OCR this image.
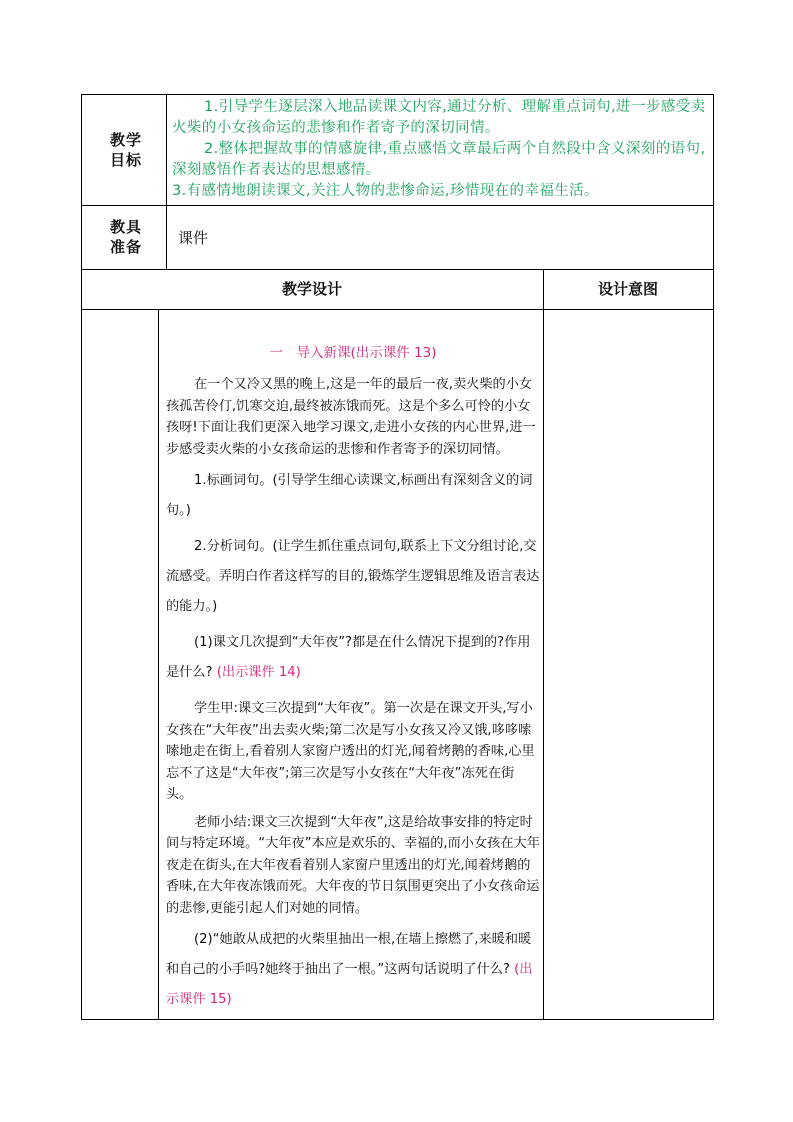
教学
目标

1.引导学生逐层深入地品读课文内容,通过分析、理解重点词句,进一步感受卖火柴的小女孩命运的悲惨和作者寄予的深切同情。

2.整体把握故事的情感旋律,重点感悟文章最后两个自然段中含义深刻的语句,深刻感悟作者表达的思想感情。

3.有感情地朗读课文,关注人物的悲惨命运,珍惜现在的幸福生活。

教具
准备	课件
教学设计	设计意图

一　导入新课(出示课件 13)

在一个又冷又黑的晚上,这是一年的最后一夜,卖火柴的小女孩孤苦伶仃,饥寒交迫,最终被冻饿而死。这是个多么可怜的小女孩呀!下面让我们更深入地学习课文,走进小女孩的内心世界,进一步感受卖火柴的小女孩命运的悲惨和作者寄予的深切同情。

1.标画词句。(引导学生细心读课文,标画出有深刻含义的词句。)

2.分析词句。(让学生抓住重点词句,联系上下文分组讨论,交流感受。弄明白作者这样写的目的,锻炼学生逻辑思维及语言表达的能力。)

(1)课文几次提到“大年夜”?都是在什么情况下提到的?作用是什么? (出示课件 14)

学生甲:课文三次提到“大年夜”。第一次是在课文开头,写小女孩在“大年夜”出去卖火柴;第二次是写小女孩又冷又饿,哆哆嗦嗦地走在街上,看着别人家窗户透出的灯光,闻着烤鹅的香味,心里忘不了这是“大年夜”;第三次是写小女孩在“大年夜”冻死在街头。

老师小结:课文三次提到“大年夜”,这是给故事安排的特定时间与特定环境。“大年夜”本应是欢乐的、幸福的,而小女孩在大年夜走在街头,在大年夜看着别人家窗户里透出的灯光,闻着烤鹅的香味,在大年夜冻饿而死。大年夜的节日氛围更突出了小女孩命运的悲惨,更能引起人们对她的同情。

(2)“她敢从成把的火柴里抽出一根,在墙上擦燃了,来暖和暖和自己的小手吗?她终于抽出了一根。”这两句话说明了什么? (出示课件 15)
